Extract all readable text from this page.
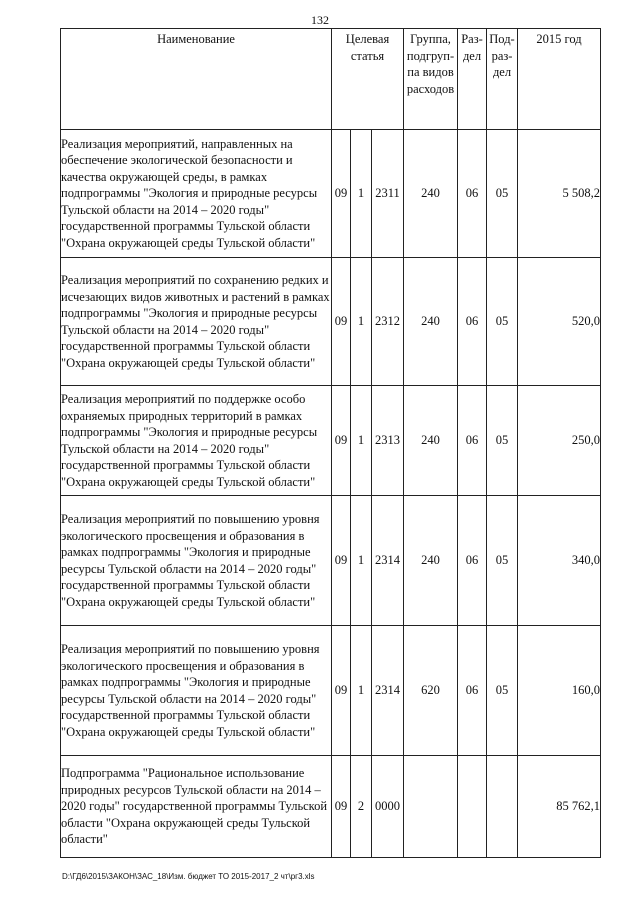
132
Наименование	Целевая статья			Группа, подгруп-па видов расходов	Раз-дел	Под-раз-дел	2015 год
Реализация мероприятий, направленных на обеспечение экологической безопасности и качества окружающей среды, в рамках подпрограммы "Экология и природные ресурсы Тульской области на 2014 – 2020 годы" государственной программы Тульской области "Охрана окружающей среды Тульской области"	09	1	2311	240	06	05	5 508,2
Реализация мероприятий по сохранению редких и исчезающих видов животных и растений в рамках подпрограммы "Экология и природные ресурсы Тульской области на 2014 – 2020 годы" государственной программы Тульской области "Охрана окружающей среды Тульской области"	09	1	2312	240	06	05	520,0
Реализация мероприятий по поддержке особо охраняемых природных территорий в рамках подпрограммы "Экология и природные ресурсы Тульской области на 2014 – 2020 годы" государственной программы Тульской области "Охрана окружающей среды Тульской области"	09	1	2313	240	06	05	250,0
Реализация мероприятий по повышению уровня экологического просвещения и образования в рамках подпрограммы "Экология и природные ресурсы Тульской области на 2014 – 2020 годы" государственной программы Тульской области "Охрана окружающей среды Тульской области"	09	1	2314	240	06	05	340,0
Реализация мероприятий по повышению уровня экологического просвещения и образования в рамках подпрограммы "Экология и природные ресурсы Тульской области на 2014 – 2020 годы" государственной программы Тульской области "Охрана окружающей среды Тульской области"	09	1	2314	620	06	05	160,0
Подпрограмма "Рациональное использование природных ресурсов Тульской области на 2014 – 2020 годы" государственной программы Тульской области "Охрана окружающей среды Тульской области"	09	2	0000				85 762,1
D:\ГД6\2015\ЗАКОН\ЗАС_18\Изм. бюджет ТО 2015-2017_2 чт\рг3.xls
